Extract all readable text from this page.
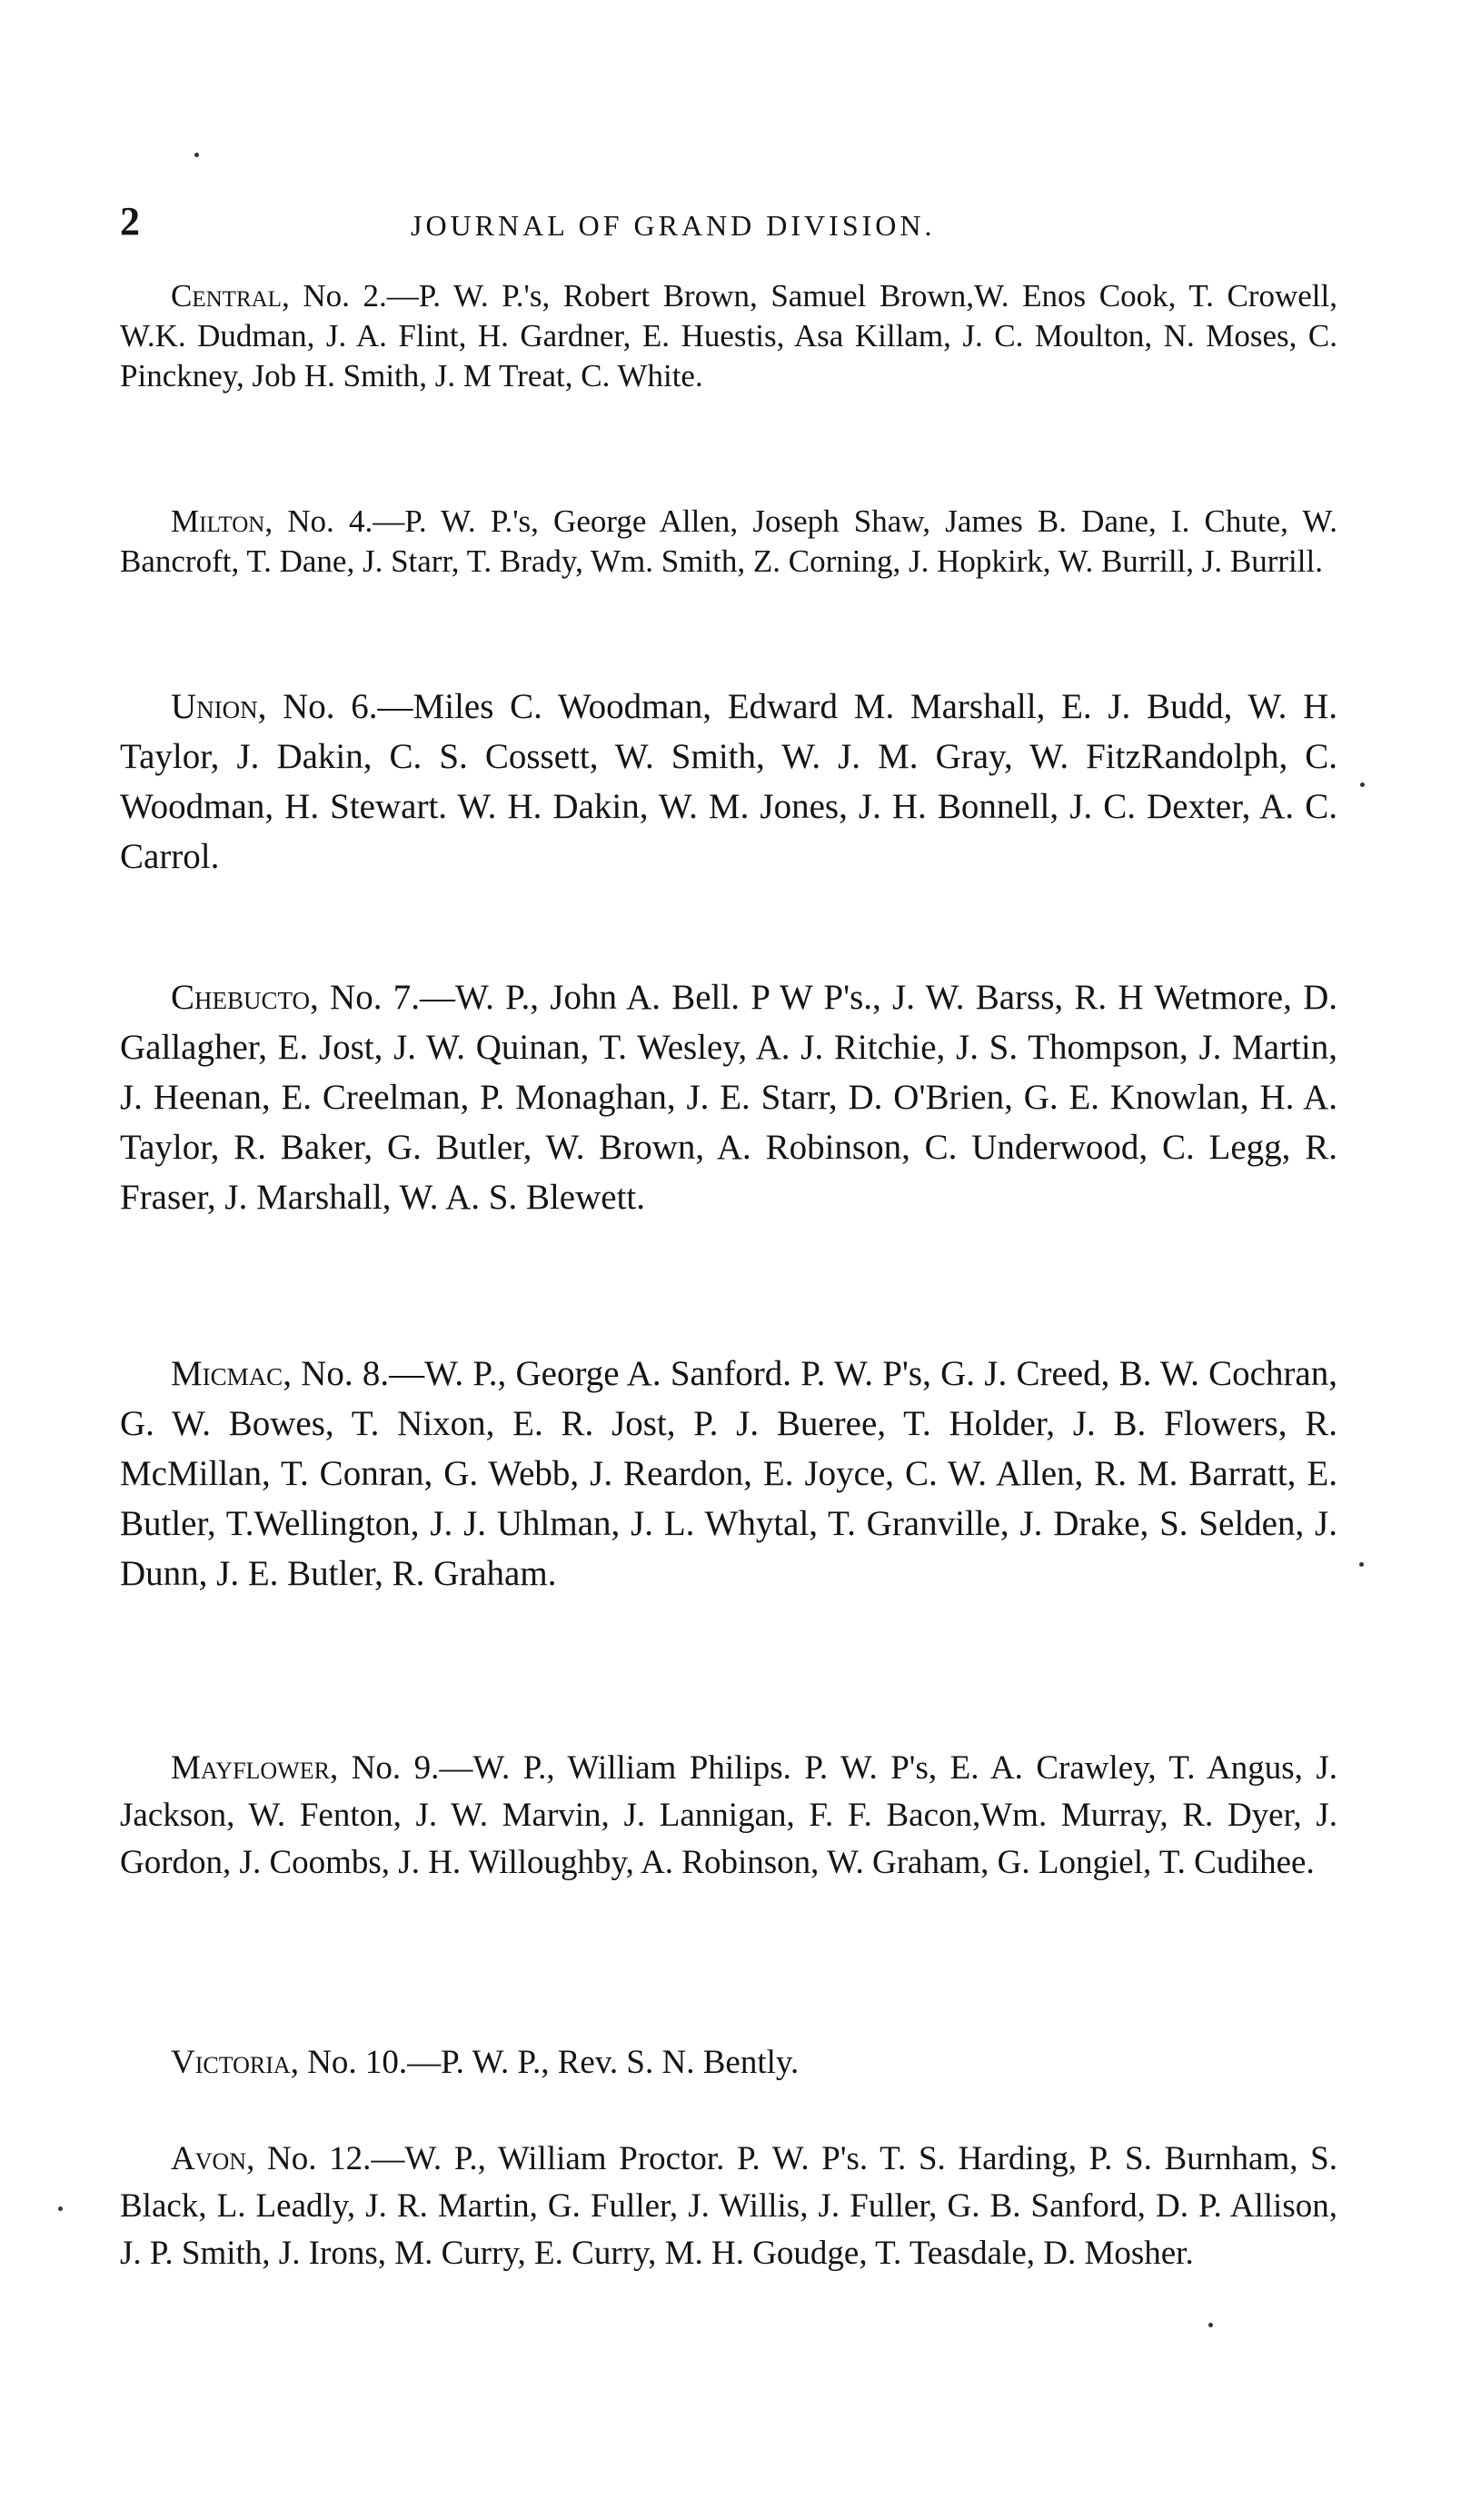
2	JOURNAL OF GRAND DIVISION.

Central, No. 2.—P. W. P.'s, Robert Brown, Samuel Brown,W. Enos Cook, T. Crowell, W.K. Dudman, J. A. Flint, H. Gardner, E. Huestis, Asa Killam, J. C. Moulton, N. Moses, C. Pinckney, Job H. Smith, J. M Treat, C. White.

Milton, No. 4.—P. W. P.'s, George Allen, Joseph Shaw, James B. Dane, I. Chute, W. Bancroft, T. Dane, J. Starr, T. Brady, Wm. Smith, Z. Corning, J. Hopkirk, W. Burrill, J. Burrill.

Union, No. 6.—Miles C. Woodman, Edward M. Marshall, E. J. Budd, W. H. Taylor, J. Dakin, C. S. Cossett, W. Smith, W. J. M. Gray, W. FitzRandolph, C. Woodman, H. Stewart. W. H. Dakin, W. M. Jones, J. H. Bonnell, J. C. Dexter, A. C. Carrol.

Chebucto, No. 7.—W. P., John A. Bell. P W P's., J. W. Barss, R. H Wetmore, D. Gallagher, E. Jost, J. W. Quinan, T. Wesley, A. J. Ritchie, J. S. Thompson, J. Martin, J. Heenan, E. Creelman, P. Monaghan, J. E. Starr, D. O'Brien, G. E. Knowlan, H. A. Taylor, R. Baker, G. Butler, W. Brown, A. Robinson, C. Underwood, C. Legg, R. Fraser, J. Marshall, W. A. S. Blewett.

Micmac, No. 8.—W. P., George A. Sanford. P. W. P's, G. J. Creed, B. W. Cochran, G. W. Bowes, T. Nixon, E. R. Jost, P. J. Bueree, T. Holder, J. B. Flowers, R. McMillan, T. Conran, G. Webb, J. Reardon, E. Joyce, C. W. Allen, R. M. Barratt, E. Butler, T.Wellington, J. J. Uhlman, J. L. Whytal, T. Granville, J. Drake, S. Selden, J. Dunn, J. E. Butler, R. Graham.

Mayflower, No. 9.—W. P., William Philips. P. W. P's, E. A. Crawley, T. Angus, J. Jackson, W. Fenton, J. W. Marvin, J. Lannigan, F. F. Bacon,Wm. Murray, R. Dyer, J. Gordon, J. Coombs, J. H. Willoughby, A. Robinson, W. Graham, G. Longiel, T. Cudihee.

Victoria, No. 10.—P. W. P., Rev. S. N. Bently.

Avon, No. 12.—W. P., William Proctor. P. W. P's. T. S. Harding, P. S. Burnham, S. Black, L. Leadly, J. R. Martin, G. Fuller, J. Willis, J. Fuller, G. B. Sanford, D. P. Allison, J. P. Smith, J. Irons, M. Curry, E. Curry, M. H. Goudge, T. Teasdale, D. Mosher.
